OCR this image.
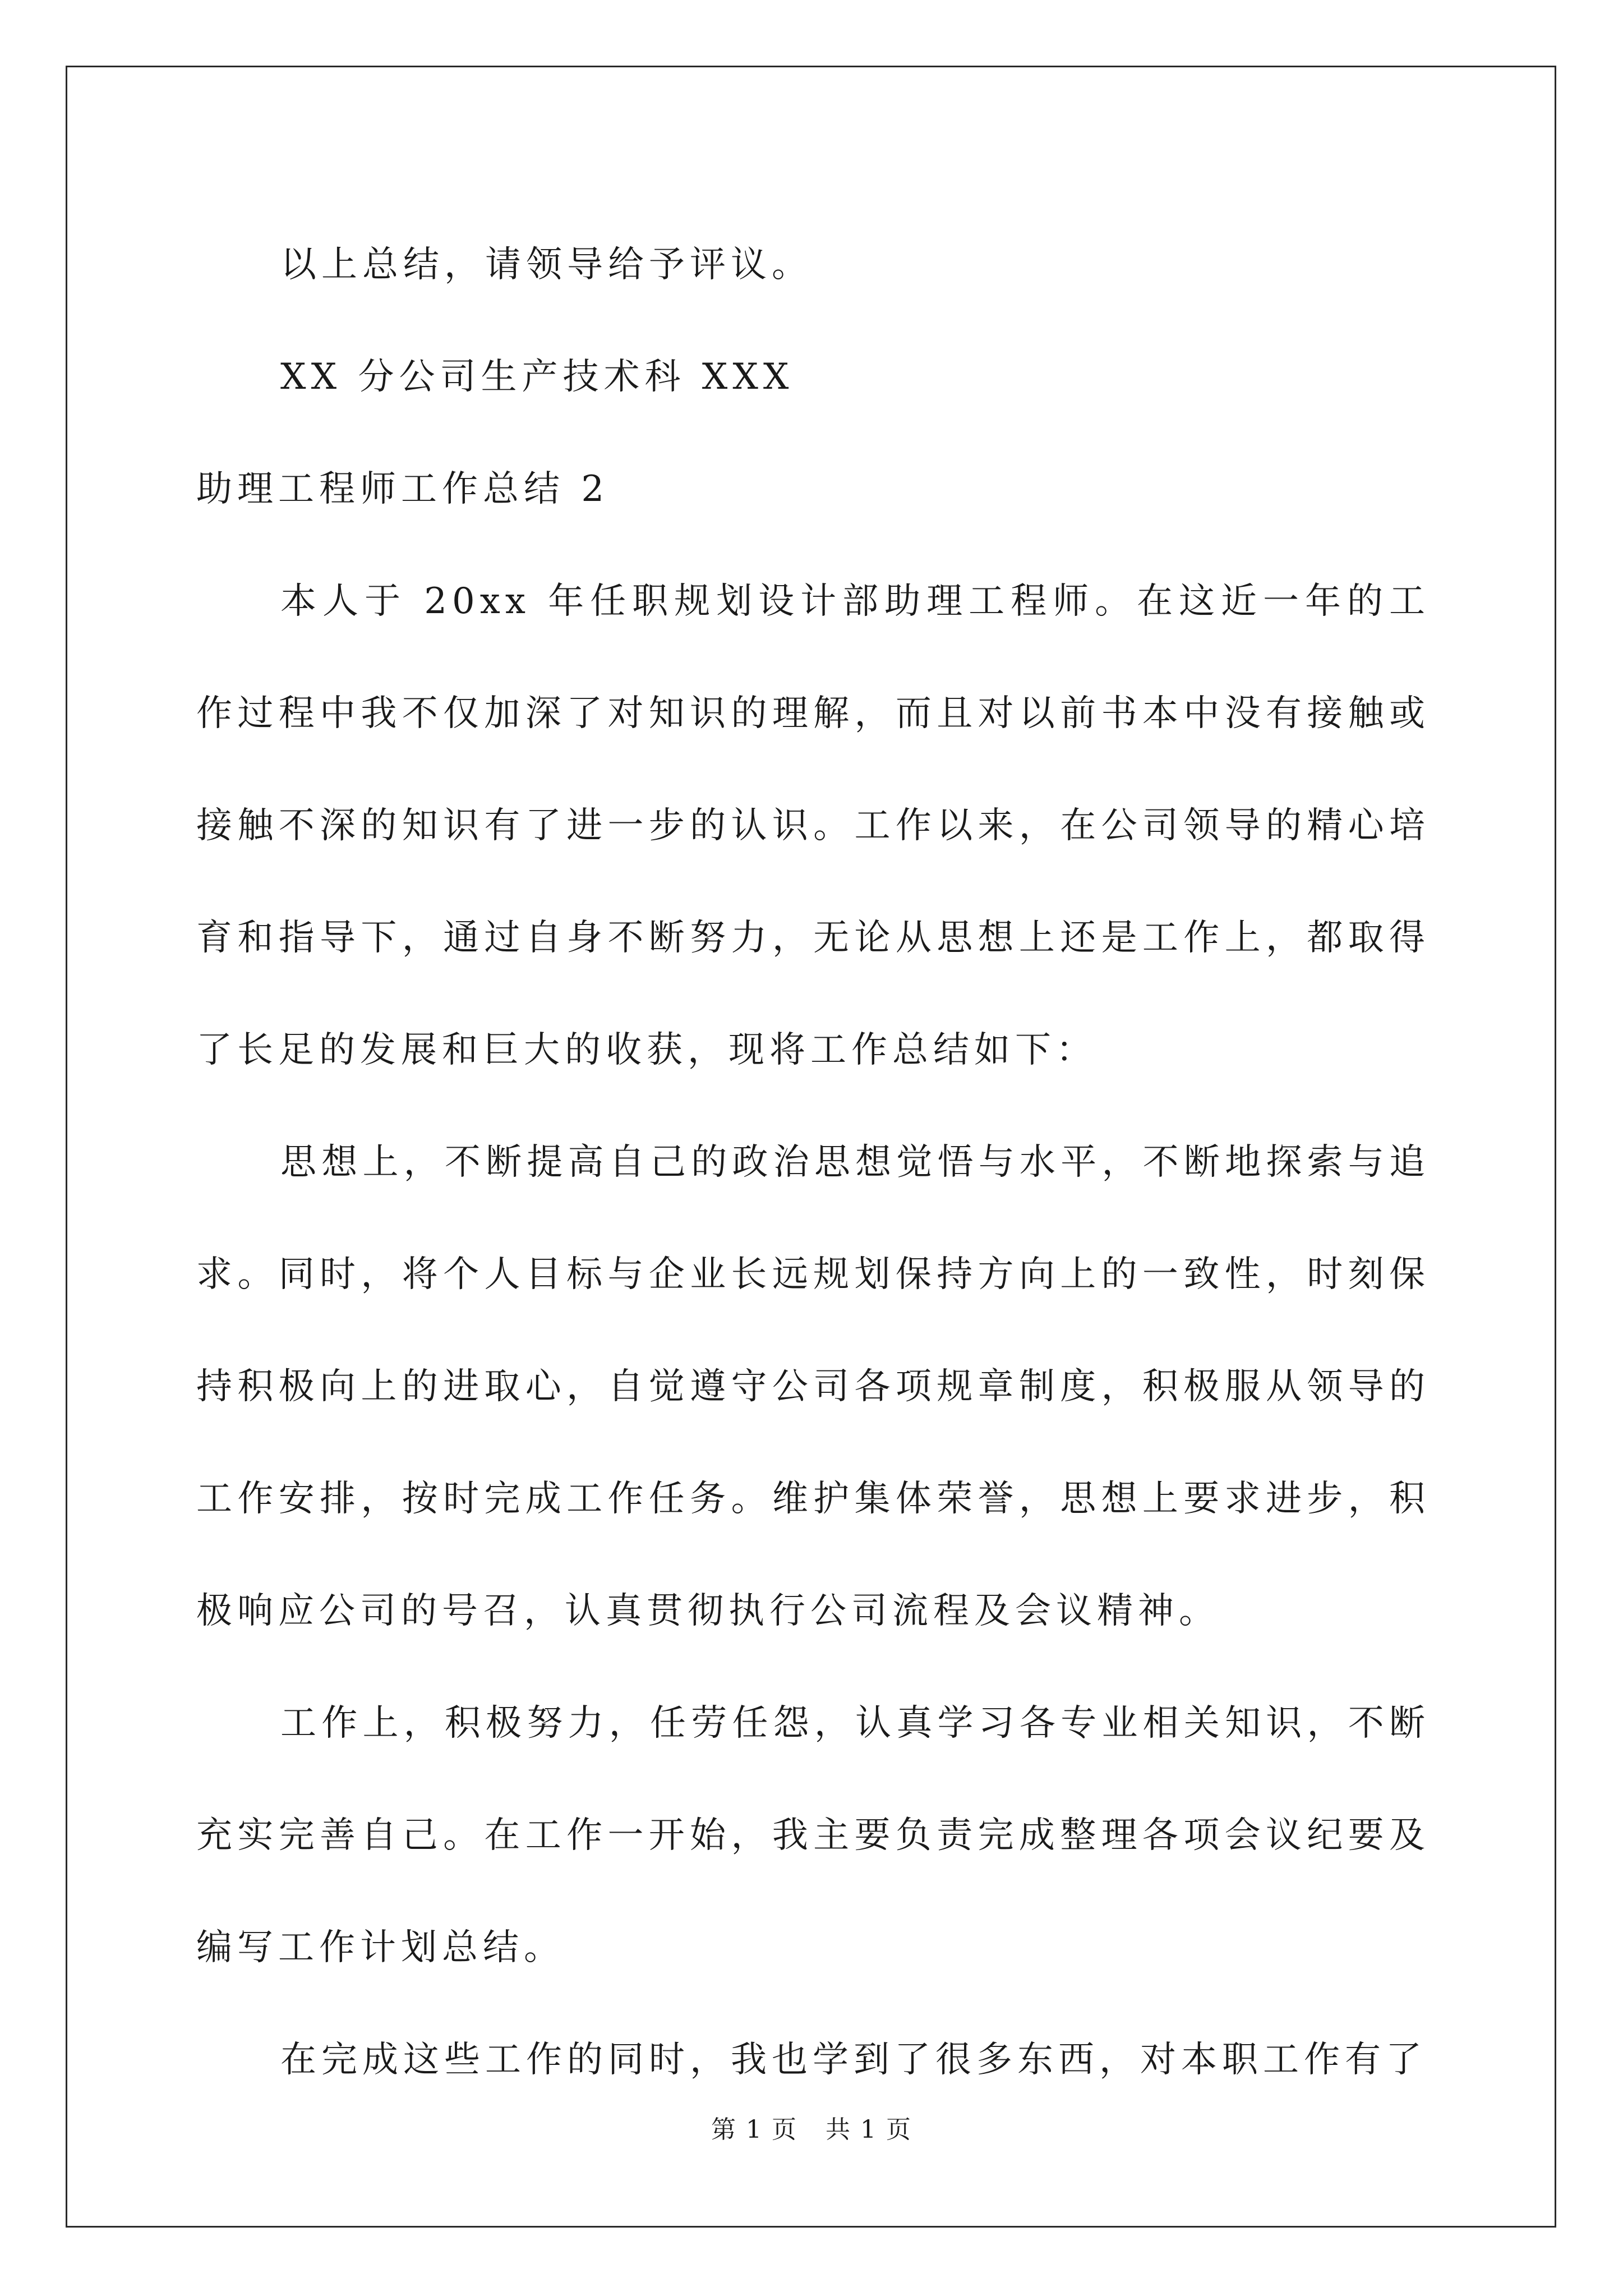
以上总结，请领导给予评议。

XX 分公司生产技术科 XXX

助理工程师工作总结 2

本人于 20xx 年任职规划设计部助理工程师。在这近一年的工作过程中我不仅加深了对知识的理解，而且对以前书本中没有接触或接触不深的知识有了进一步的认识。工作以来，在公司领导的精心培育和指导下，通过自身不断努力，无论从思想上还是工作上，都取得了长足的发展和巨大的收获，现将工作总结如下：

思想上，不断提高自己的政治思想觉悟与水平，不断地探索与追求。同时，将个人目标与企业长远规划保持方向上的一致性，时刻保持积极向上的进取心，自觉遵守公司各项规章制度，积极服从领导的工作安排，按时完成工作任务。维护集体荣誉，思想上要求进步，积极响应公司的号召，认真贯彻执行公司流程及会议精神。

工作上，积极努力，任劳任怨，认真学习各专业相关知识，不断充实完善自己。在工作一开始，我主要负责完成整理各项会议纪要及编写工作计划总结。

在完成这些工作的同时，我也学到了很多东西，对本职工作有了

第 1 页 共 1 页
